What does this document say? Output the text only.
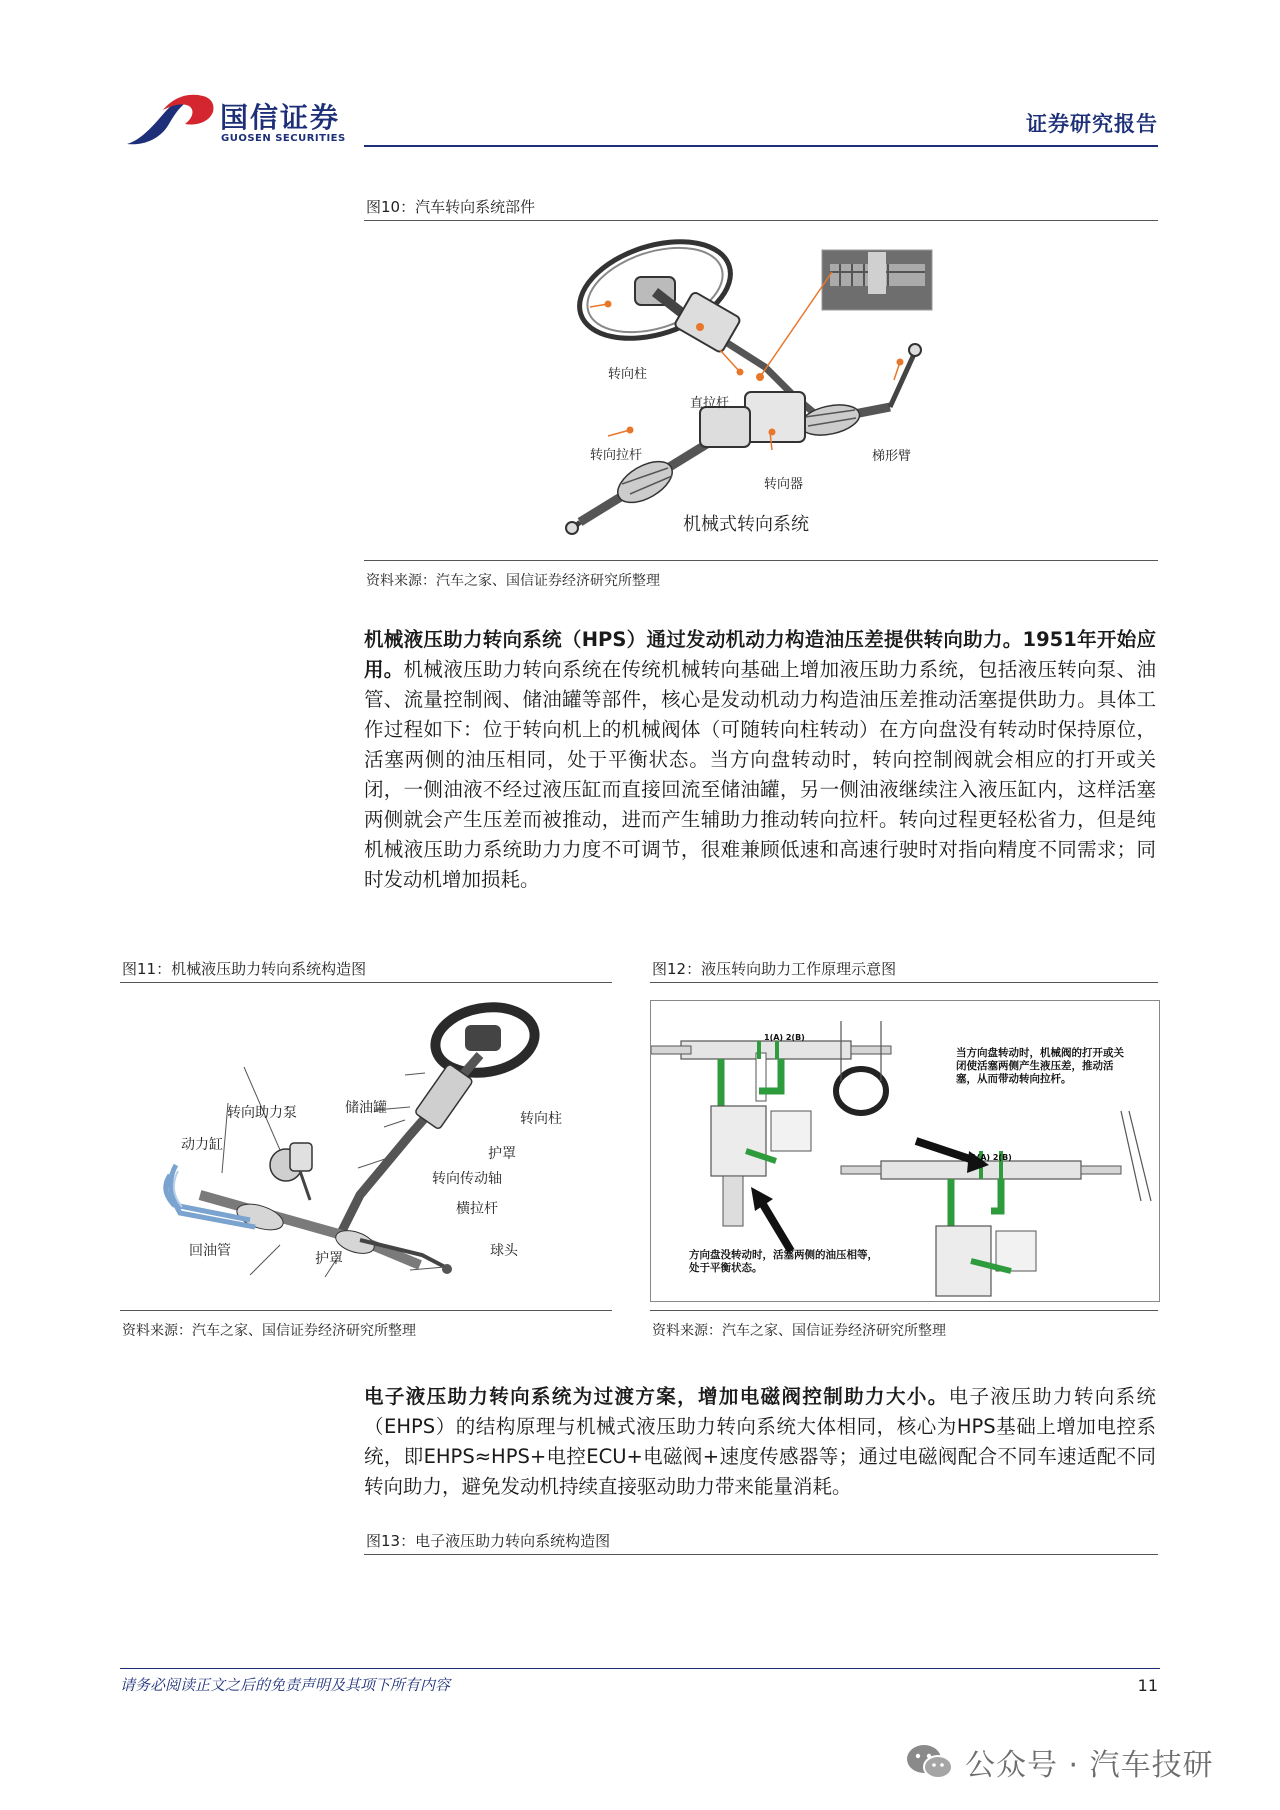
国信证券
GUOSEN SECURITIES
证券研究报告
图10：汽车转向系统部件
转向柱
直拉杆
转向拉杆
转向器
梯形臂
机械式转向系统
资料来源：汽车之家、国信证券经济研究所整理
机械液压助力转向系统（HPS）通过发动机动力构造油压差提供转向助力。1951年开始应用。机械液压助力转向系统在传统机械转向基础上增加液压助力系统，包括液压转向泵、油管、流量控制阀、储油罐等部件，核心是发动机动力构造油压差推动活塞提供助力。具体工作过程如下：位于转向机上的机械阀体（可随转向柱转动）在方向盘没有转动时保持原位，活塞两侧的油压相同，处于平衡状态。当方向盘转动时，转向控制阀就会相应的打开或关闭，一侧油液不经过液压缸而直接回流至储油罐，另一侧油液继续注入液压缸内，这样活塞两侧就会产生压差而被推动，进而产生辅助力推动转向拉杆。转向过程更轻松省力，但是纯机械液压助力系统助力力度不可调节，很难兼顾低速和高速行驶时对指向精度不同需求；同时发动机增加损耗。
图11：机械液压助力转向系统构造图
转向助力泵	储油罐
转向柱
动力缸
护罩
转向传动轴
横拉杆
回油管	护罩	球头
资料来源：汽车之家、国信证券经济研究所整理
图12：液压转向助力工作原理示意图
1(A) 2(B)
1(A) 2(B)
当方向盘转动时，机械阀的打开或关闭使活塞两侧产生液压差，推动活塞，从而带动转向拉杆。
方向盘没转动时，活塞两侧的油压相等，处于平衡状态。
资料来源：汽车之家、国信证券经济研究所整理
电子液压助力转向系统为过渡方案，增加电磁阀控制助力大小。电子液压助力转向系统（EHPS）的结构原理与机械式液压助力转向系统大体相同，核心为HPS基础上增加电控系统，即EHPS≈HPS+电控ECU+电磁阀+速度传感器等；通过电磁阀配合不同车速适配不同转向助力，避免发动机持续直接驱动助力带来能量消耗。
图13：电子液压助力转向系统构造图
请务必阅读正文之后的免责声明及其项下所有内容	11
公众号 · 汽车技研
